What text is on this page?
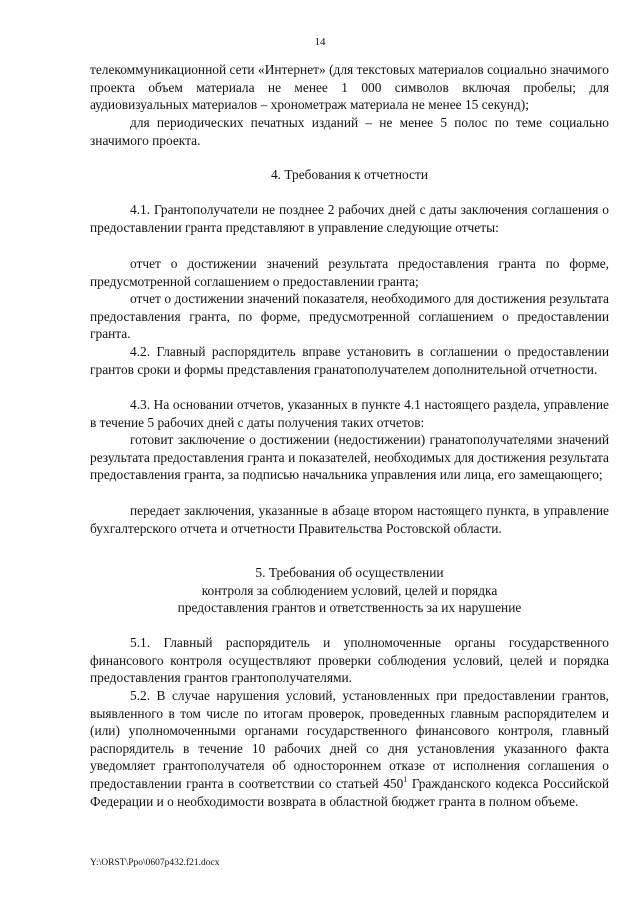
14

телекоммуникационной сети «Интернет» (для текстовых материалов социально значимого проекта объем материала не менее 1 000 символов включая пробелы; для аудиовизуальных материалов – хронометраж материала не менее 15 секунд);

для периодических печатных изданий – не менее 5 полос по теме социально значимого проекта.

4. Требования к отчетности

4.1. Грантополучатели не позднее 2 рабочих дней с даты заключения соглашения о предоставлении гранта представляют в управление следующие отчеты:

отчет о достижении значений результата предоставления гранта по форме, предусмотренной соглашением о предоставлении гранта;

отчет о достижении значений показателя, необходимого для достижения результата предоставления гранта, по форме, предусмотренной соглашением о предоставлении гранта.

4.2. Главный распорядитель вправе установить в соглашении о предоставлении грантов сроки и формы представления гранатополучателем дополнительной отчетности.

4.3. На основании отчетов, указанных в пункте 4.1 настоящего раздела, управление в течение 5 рабочих дней с даты получения таких отчетов:

готовит заключение о достижении (недостижении) гранатополучателями значений результата предоставления гранта и показателей, необходимых для достижения результата предоставления гранта, за подписью начальника управления или лица, его замещающего;

передает заключения, указанные в абзаце втором настоящего пункта, в управление бухгалтерского отчета и отчетности Правительства Ростовской области.

5. Требования об осуществлении

контроля за соблюдением условий, целей и порядка

предоставления грантов и ответственность за их нарушение

5.1. Главный распорядитель и уполномоченные органы государственного финансового контроля осуществляют проверки соблюдения условий, целей и порядка предоставления грантов грантополучателями.

5.2. В случае нарушения условий, установленных при предоставлении грантов, выявленного в том числе по итогам проверок, проведенных главным распорядителем и (или) уполномоченными органами государственного финансового контроля, главный распорядитель в течение 10 рабочих дней со дня установления указанного факта уведомляет грантополучателя об одностороннем отказе от исполнения соглашения о предоставлении гранта в соответствии со статьей $450^1$ Гражданского кодекса Российской Федерации и о необходимости возврата в областной бюджет гранта в полном объеме.

Y:\ORST\Ppo\0607p432.f21.docx
